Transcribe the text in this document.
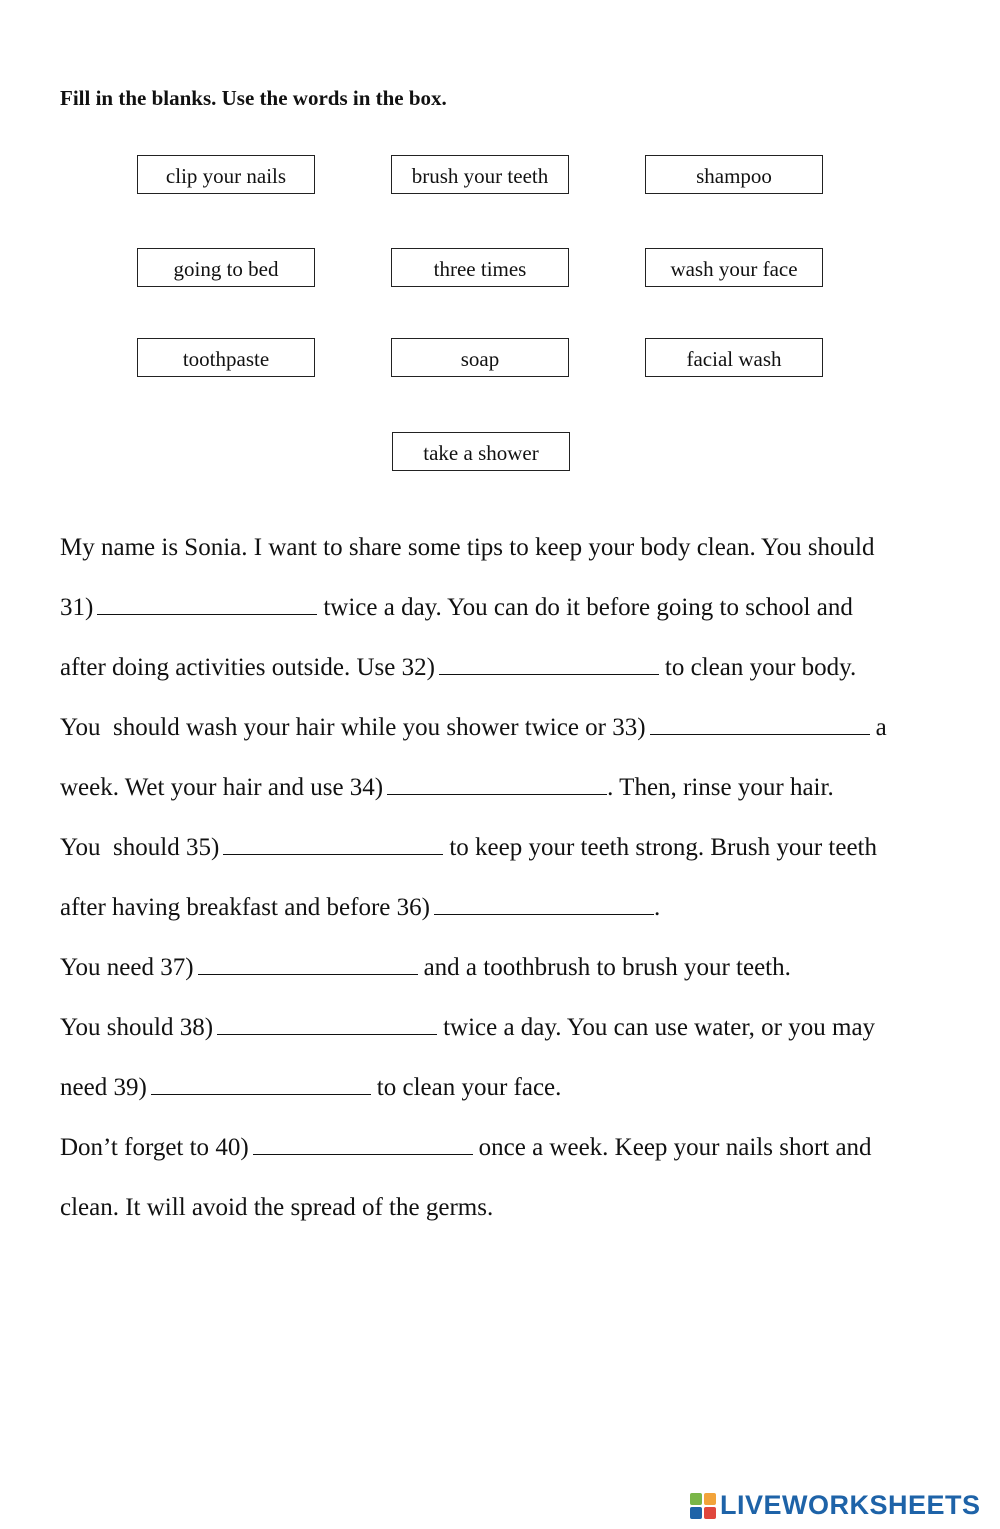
Fill in the blanks. Use the words in the box.
clip your nails	brush your teeth	shampoo
going to bed	three times	wash your face
toothpaste	soap	facial wash
take a shower
My name is Sonia. I want to share some tips to keep your body clean. You should
31)	twice a day. You can do it before going to school and
after doing activities outside. Use 32)	to clean your body.
You  should wash your hair while you shower twice or 33)	a
week. Wet your hair and use 34)	. Then, rinse your hair.
You  should 35)	to keep your teeth strong. Brush your teeth
after having breakfast and before 36)	.
You need 37)	and a toothbrush to brush your teeth.
You should 38)	twice a day. You can use water, or you may
need 39)	to clean your face.
Don’t forget to 40)	once a week. Keep your nails short and
clean. It will avoid the spread of the germs.
LIVEWORKSHEETS
